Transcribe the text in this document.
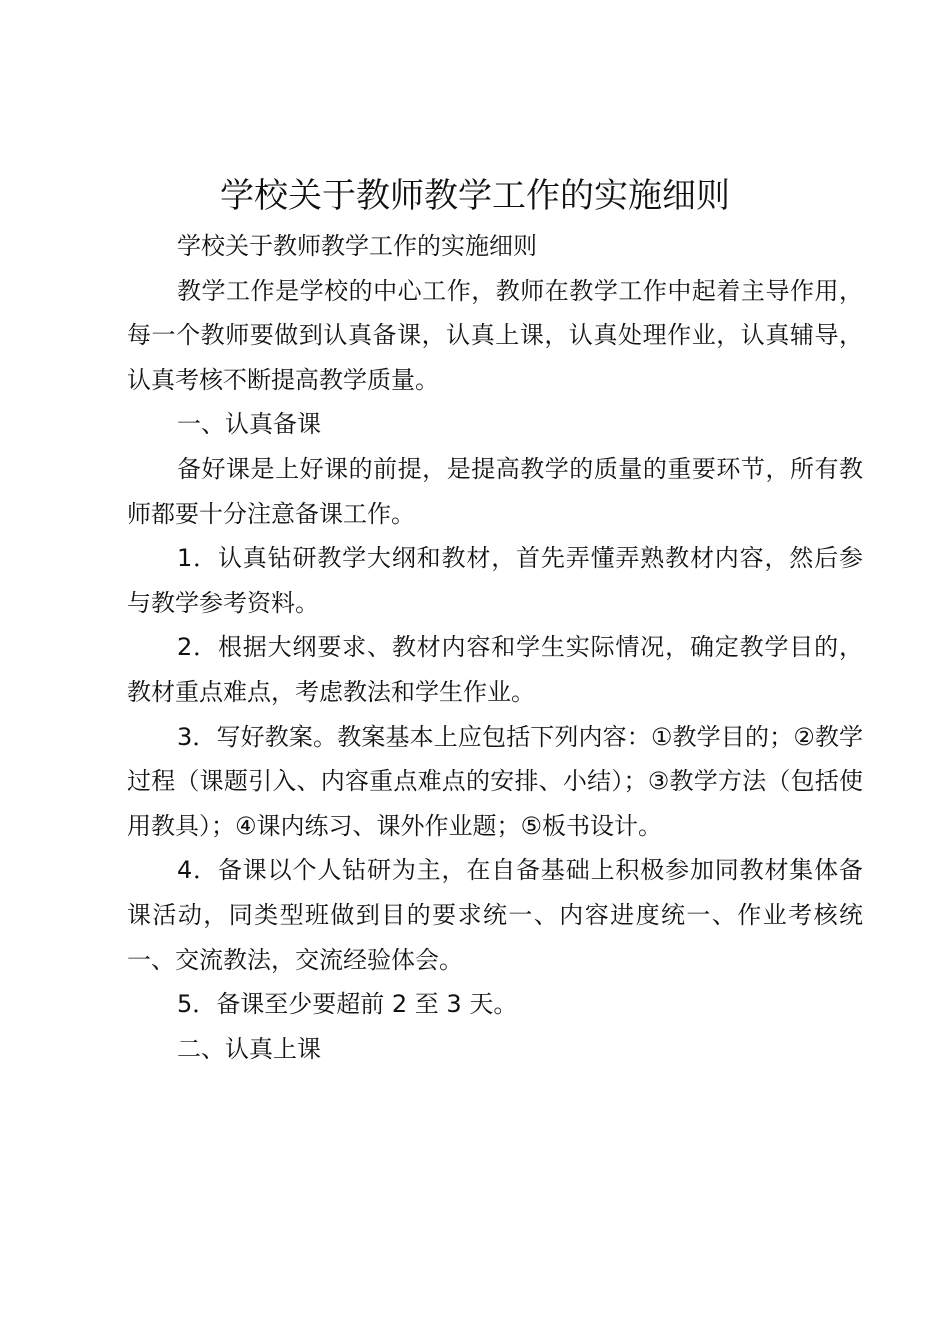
学校关于教师教学工作的实施细则

学校关于教师教学工作的实施细则

教学工作是学校的中心工作，教师在教学工作中起着主导作用，每一个教师要做到认真备课，认真上课，认真处理作业，认真辅导，认真考核不断提高教学质量。

一、认真备课

备好课是上好课的前提，是提高教学的质量的重要环节，所有教师都要十分注意备课工作。

1．认真钻研教学大纲和教材，首先弄懂弄熟教材内容，然后参与教学参考资料。

2．根据大纲要求、教材内容和学生实际情况，确定教学目的，教材重点难点，考虑教法和学生作业。

3．写好教案。教案基本上应包括下列内容：①教学目的；②教学过程（课题引入、内容重点难点的安排、小结）；③教学方法（包括使用教具）；④课内练习、课外作业题；⑤板书设计。

4．备课以个人钻研为主，在自备基础上积极参加同教材集体备课活动，同类型班做到目的要求统一、内容进度统一、作业考核统一、交流教法，交流经验体会。

5．备课至少要超前 2 至 3 天。

二、认真上课
